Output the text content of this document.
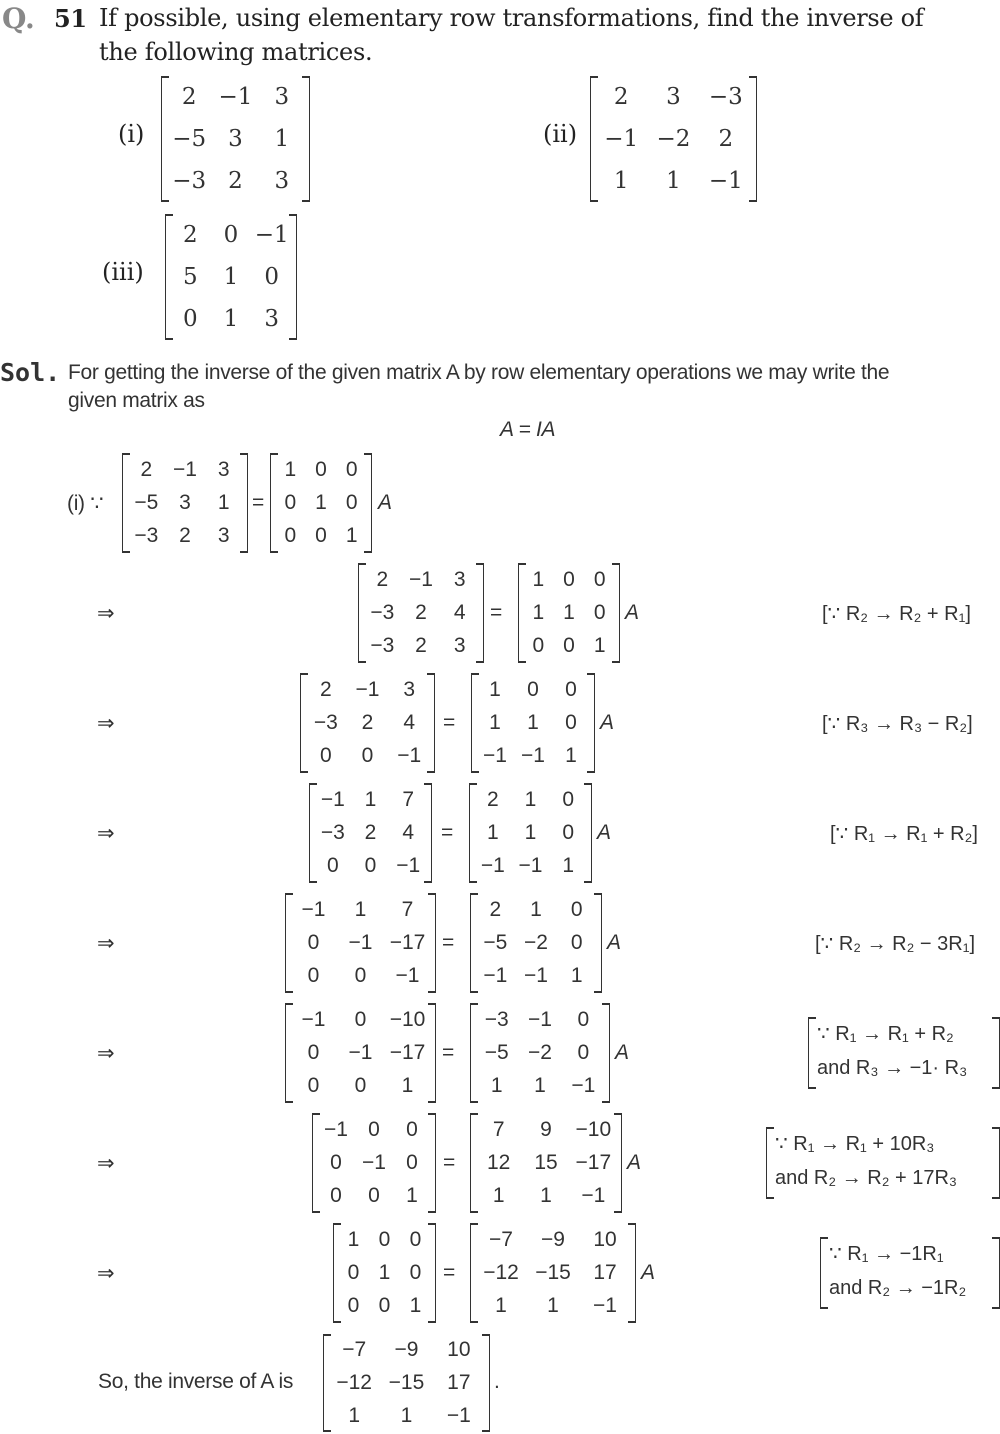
Q. 51 If possible, using elementary row transformations, find the inverse of
the following matrices.
(i)
2 −1 3
−5 3	1
−3 2	3
(ii)
2	3	−3
−1 −2	2
1	1	−1
(iii)
2	0 −1
5	1	0
0	1	3
Sol. For getting the inverse of the given matrix A by row elementary operations we may write the
given matrix as
A = IA
(i) ∵
2 −1 3
−5 3	1
−3 2	3
=
1 0 0
0 1 0
0 0 1
A
⇒
2 −1 3
−3 2	4
−3 2	3
=
1 0 0
1 1 0
0 0 1
A	[∵ R₂ → R₂ + R₁]
⇒
2	−1	3
−3	2	4
0	0	−1
=
1	0	0
1	1	0
−1 −1 1
A	[∵ R₃ → R₃ − R₂]
⇒
−1 1	7
−3 2	4
0	0 −1
=
2	1	0
1	1	0
−1 −1 1
A	[∵ R₁ → R₁ + R₂]
⇒
−1	1	7
0	−1 −17
0	0	−1
=
2	1	0
−5 −2	0
−1 −1	1
A	[∵ R₂ → R₂ − 3R₁]
⇒
−1	0	−10
0	−1 −17
0	0	1
=
−3 −1	0
−5 −2	0
1	1	−1
A
∵ R₁ → R₁ + R₂
and R₃ → −1· R₃
⇒
−1 0	0
0 −1 0
0	0	1
=
7	9	−10
12	15 −17
1	1	−1
A
∵ R₁ → R₁ + 10R₃
and R₂ → R₂ + 17R₃
⇒
1 0 0
0 1 0
0 0 1
=
−7	−9	10
−12 −15	17
1	1	−1
A
∵ R₁ → −1R₁
and R₂ → −1R₂
So, the inverse of A is
−7	−9	10
−12 −15	17
1	1	−1
.
